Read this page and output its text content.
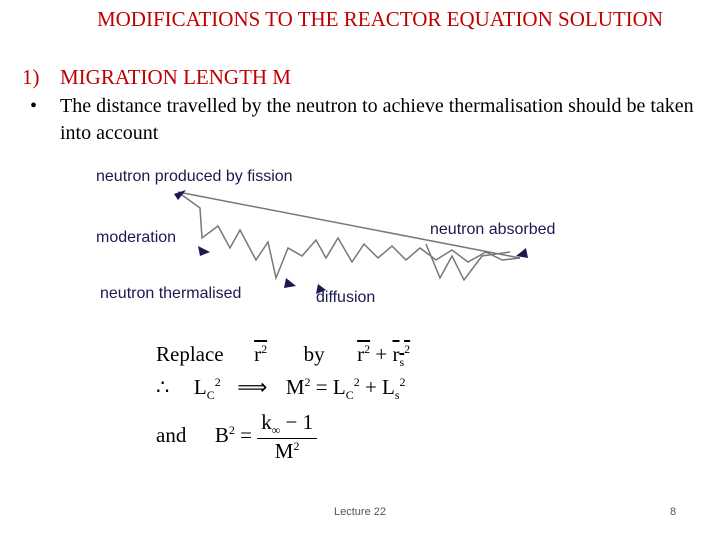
MODIFICATIONS TO THE REACTOR EQUATION SOLUTION
1) MIGRATION LENGTH M
• The distance travelled by the neutron to achieve thermalisation should be taken into account
neutron produced by fission
moderation	neutron absorbed
neutron thermalised	diffusion
Replace $r^2$ by $r^2 + r_s^2$
∴ $L_C^2$ ⟹ $M^2 = L_C^2 + L_s^2$
and $B^2 = \frac{k_\infty - 1}{M^2}$
Lecture 22	8
